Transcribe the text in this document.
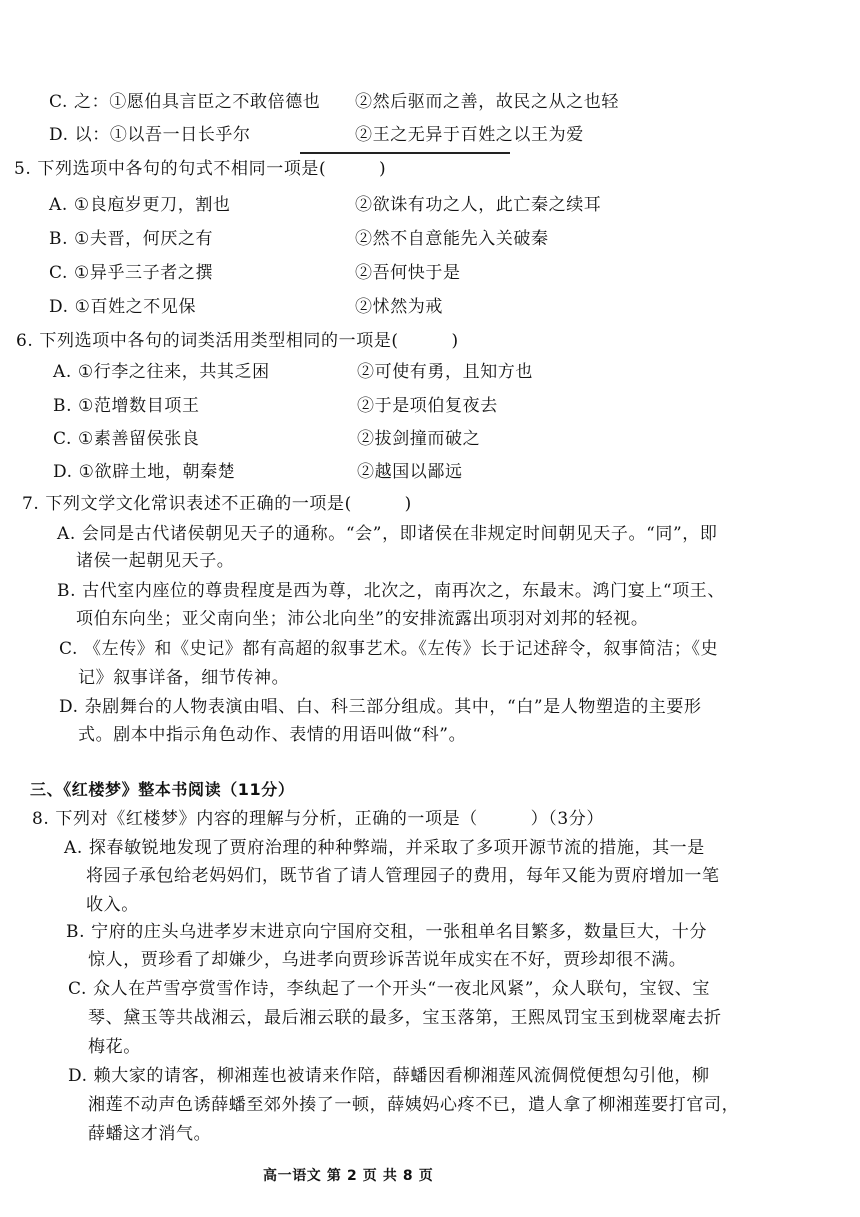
C. 之：①愿伯具言臣之不敢倍德也 ②然后驱而之善，故民之从之也轻
D. 以：①以吾一日长乎尔	②王之无异于百姓之以王为爱
5. 下列选项中各句的句式不相同一项是(　　　)
A. ①良庖岁更刀，割也	②欲诛有功之人，此亡秦之续耳
B. ①夫晋，何厌之有	②然不自意能先入关破秦
C. ①异乎三子者之撰	②吾何快于是
D. ①百姓之不见保	②怵然为戒
6. 下列选项中各句的词类活用类型相同的一项是(　　　)
A. ①行李之往来，共其乏困	②可使有勇，且知方也
B. ①范增数目项王	②于是项伯复夜去
C. ①素善留侯张良	②拔剑撞而破之
D. ①欲辟土地，朝秦楚	②越国以鄙远
7. 下列文学文化常识表述不正确的一项是(　　　)
A. 会同是古代诸侯朝见天子的通称。“会”，即诸侯在非规定时间朝见天子。“同”，即
诸侯一起朝见天子。
B. 古代室内座位的尊贵程度是西为尊，北次之，南再次之，东最末。鸿门宴上“项王、
项伯东向坐；亚父南向坐；沛公北向坐”的安排流露出项羽对刘邦的轻视。
C. 《左传》和《史记》都有高超的叙事艺术。《左传》长于记述辞令，叙事简洁；《史
记》叙事详备，细节传神。
D. 杂剧舞台的人物表演由唱、白、科三部分组成。其中，“白”是人物塑造的主要形
式。剧本中指示角色动作、表情的用语叫做“科”。
三、《红楼梦》整本书阅读（11分）
8. 下列对《红楼梦》内容的理解与分析，正确的一项是（　　　）（3分）
A. 探春敏锐地发现了贾府治理的种种弊端，并采取了多项开源节流的措施，其一是
将园子承包给老妈妈们，既节省了请人管理园子的费用，每年又能为贾府增加一笔
收入。
B. 宁府的庄头乌进孝岁末进京向宁国府交租，一张租单名目繁多，数量巨大，十分
惊人，贾珍看了却嫌少，乌进孝向贾珍诉苦说年成实在不好，贾珍却很不满。
C. 众人在芦雪亭赏雪作诗，李纨起了一个开头“一夜北风紧”，众人联句，宝钗、宝
琴、黛玉等共战湘云，最后湘云联的最多，宝玉落第，王熙凤罚宝玉到栊翠庵去折
梅花。
D. 赖大家的请客，柳湘莲也被请来作陪，薛蟠因看柳湘莲风流倜傥便想勾引他，柳
湘莲不动声色诱薛蟠至郊外揍了一顿，薛姨妈心疼不已，遣人拿了柳湘莲要打官司，
薛蟠这才消气。
高一语文 第 2 页 共 8 页
